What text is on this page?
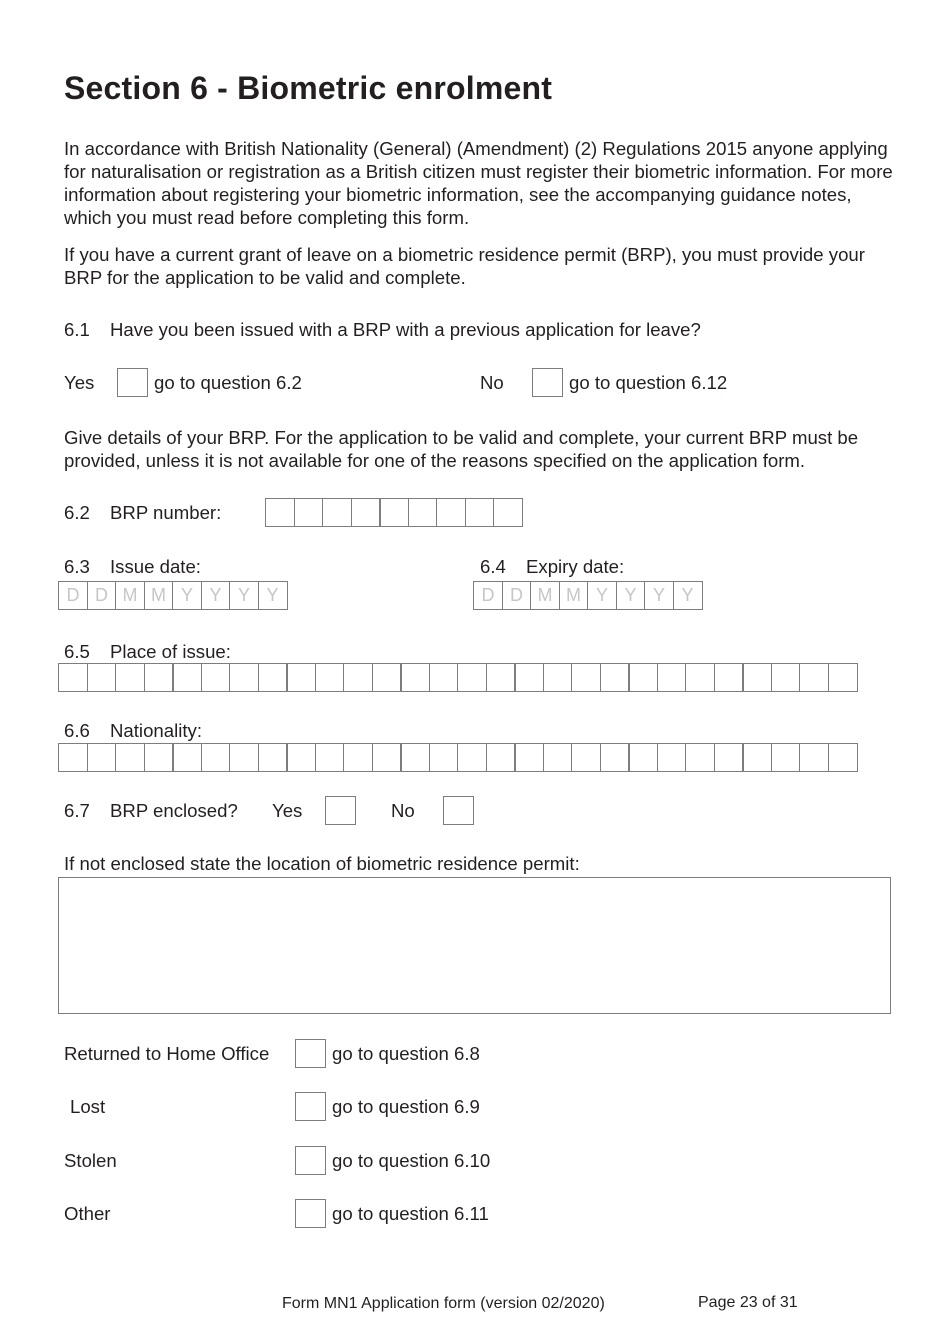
Section 6 - Biometric enrolment
In accordance with British Nationality (General) (Amendment) (2) Regulations 2015 anyone applying for naturalisation or registration as a British citizen must register their biometric information. For more information about registering your biometric information, see the accompanying guidance notes, which you must read before completing this form.
If you have a current grant of leave on a biometric residence permit (BRP), you must provide your BRP for the application to be valid and complete.
6.1 Have you been issued with a BRP with a previous application for leave?
Yes	go to question 6.2	No	go to question 6.12
Give details of your BRP. For the application to be valid and complete, your current BRP must be provided, unless it is not available for one of the reasons specified on the application form.
6.2 BRP number:
6.3 Issue date:
D D M M Y Y Y Y
6.4 Expiry date:
D D M M Y Y Y Y
6.5 Place of issue:
6.6 Nationality:
6.7 BRP enclosed? Yes	No
If not enclosed state the location of biometric residence permit:
Returned to Home Office	go to question 6.8
Lost	go to question 6.9
Stolen	go to question 6.10
Other	go to question 6.11
Form MN1 Application form (version 02/2020)	Page 23 of 31
